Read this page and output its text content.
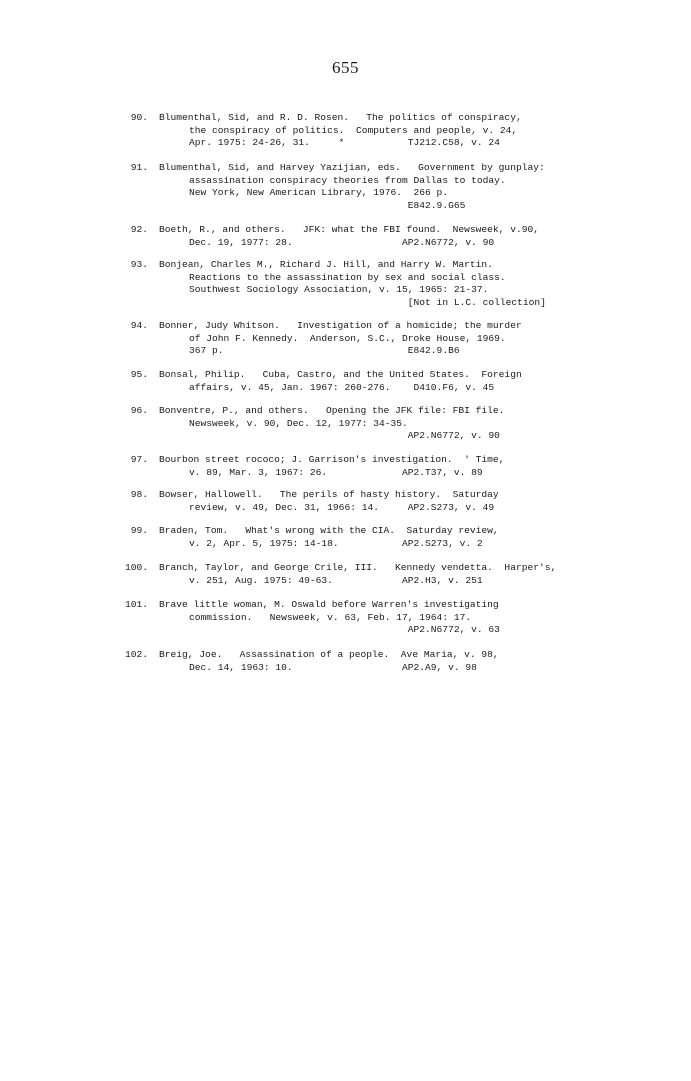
655
90. Blumenthal, Sid, and R. D. Rosen.   The politics of conspiracy,
the conspiracy of politics.  Computers and people, v. 24,
Apr. 1975: 24-26, 31.     *           TJ212.C58, v. 24
91. Blumenthal, Sid, and Harvey Yazijian, eds.   Government by gunplay:
assassination conspiracy theories from Dallas to today.
New York, New American Library, 1976.  266 p.
E842.9.G65
92. Boeth, R., and others.   JFK: what the FBI found.  Newsweek, v.90,
Dec. 19, 1977: 28.                   AP2.N6772, v. 90
93. Bonjean, Charles M., Richard J. Hill, and Harry W. Martin.
Reactions to the assassination by sex and social class.
Southwest Sociology Association, v. 15, 1965: 21-37.
[Not in L.C. collection]
94. Bonner, Judy Whitson.   Investigation of a homicide; the murder
of John F. Kennedy.  Anderson, S.C., Droke House, 1969.
367 p.                                E842.9.B6
95. Bonsal, Philip.   Cuba, Castro, and the United States.  Foreign
affairs, v. 45, Jan. 1967: 260-276.    D410.F6, v. 45
96. Bonventre, P., and others.   Opening the JFK file: FBI file.
Newsweek, v. 90, Dec. 12, 1977: 34-35.
AP2.N6772, v. 90
97. Bourbon street rococo; J. Garrison's investigation.  ' Time,
v. 89, Mar. 3, 1967: 26.             AP2.T37, v. 89
98. Bowser, Hallowell.   The perils of hasty history.  Saturday
review, v. 49, Dec. 31, 1966: 14.     AP2.S273, v. 49
99. Braden, Tom.   What's wrong with the CIA.  Saturday review,
v. 2, Apr. 5, 1975: 14-18.           AP2.S273, v. 2
100. Branch, Taylor, and George Crile, III.   Kennedy vendetta.  Harper's,
v. 251, Aug. 1975: 49-63.            AP2.H3, v. 251
101. Brave little woman, M. Oswald before Warren's investigating
commission.   Newsweek, v. 63, Feb. 17, 1964: 17.
AP2.N6772, v. 63
102. Breig, Joe.   Assassination of a people.  Ave Maria, v. 98,
Dec. 14, 1963: 10.                   AP2.A9, v. 98
